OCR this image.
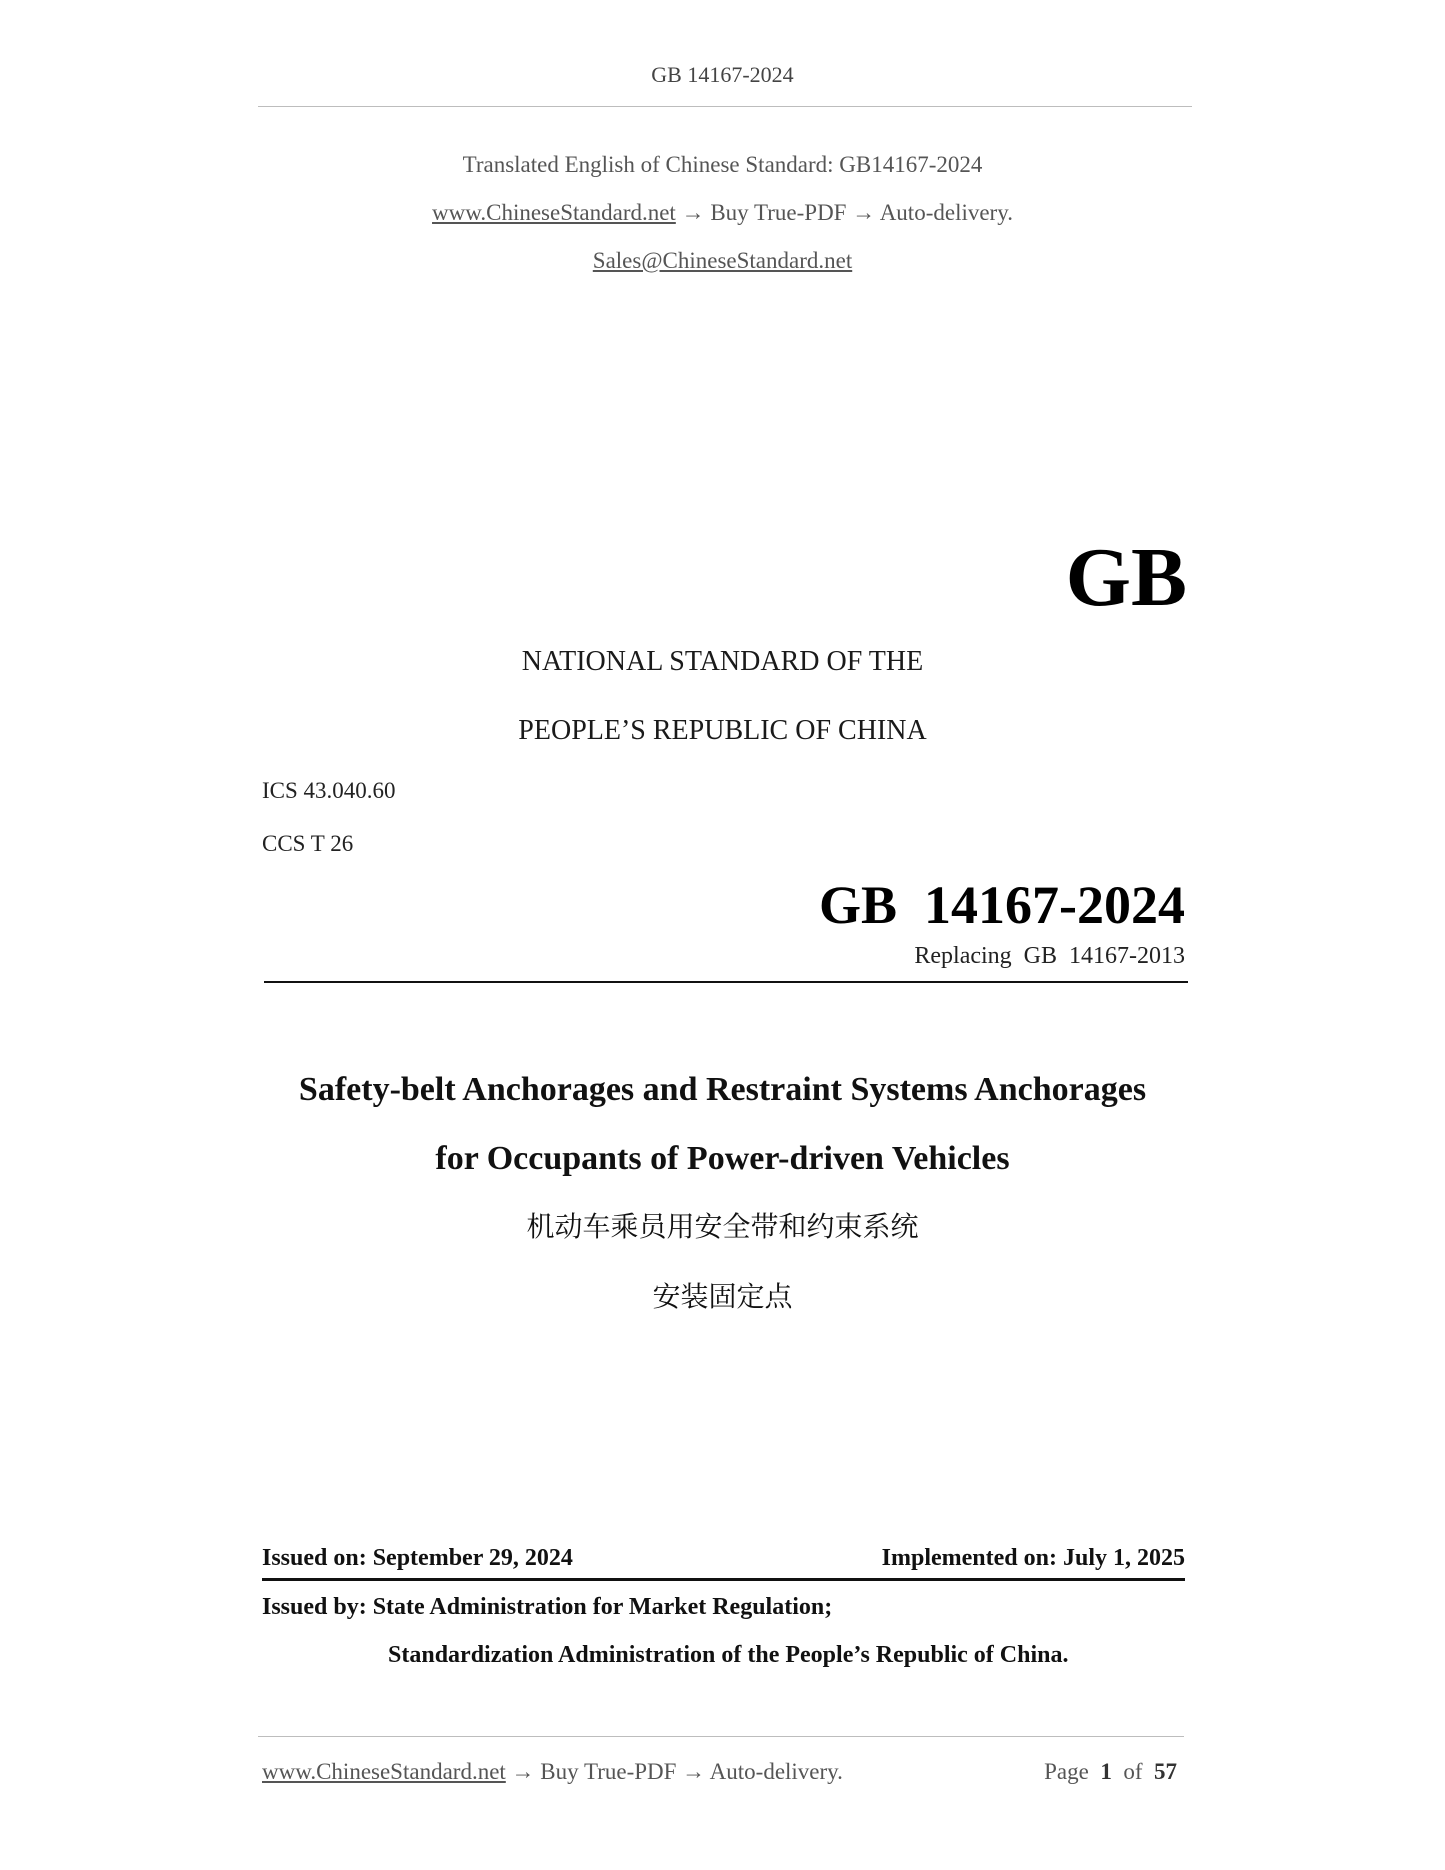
GB 14167-2024
Translated English of Chinese Standard: GB14167-2024
www.ChineseStandard.net → Buy True-PDF → Auto-delivery.
Sales@ChineseStandard.net
GB
NATIONAL STANDARD OF THE
PEOPLE’S REPUBLIC OF CHINA
ICS 43.040.60
CCS T 26
GB  14167-2024
Replacing  GB  14167-2013
Safety-belt Anchorages and Restraint Systems Anchorages
for Occupants of Power-driven Vehicles
机动车乘员用安全带和约束系统
安装固定点
Issued on: September 29, 2024	Implemented on: July 1, 2025
Issued by: State Administration for Market Regulation;
Standardization Administration of the People’s Republic of China.
www.ChineseStandard.net → Buy True-PDF → Auto-delivery.	Page 1 of 57
